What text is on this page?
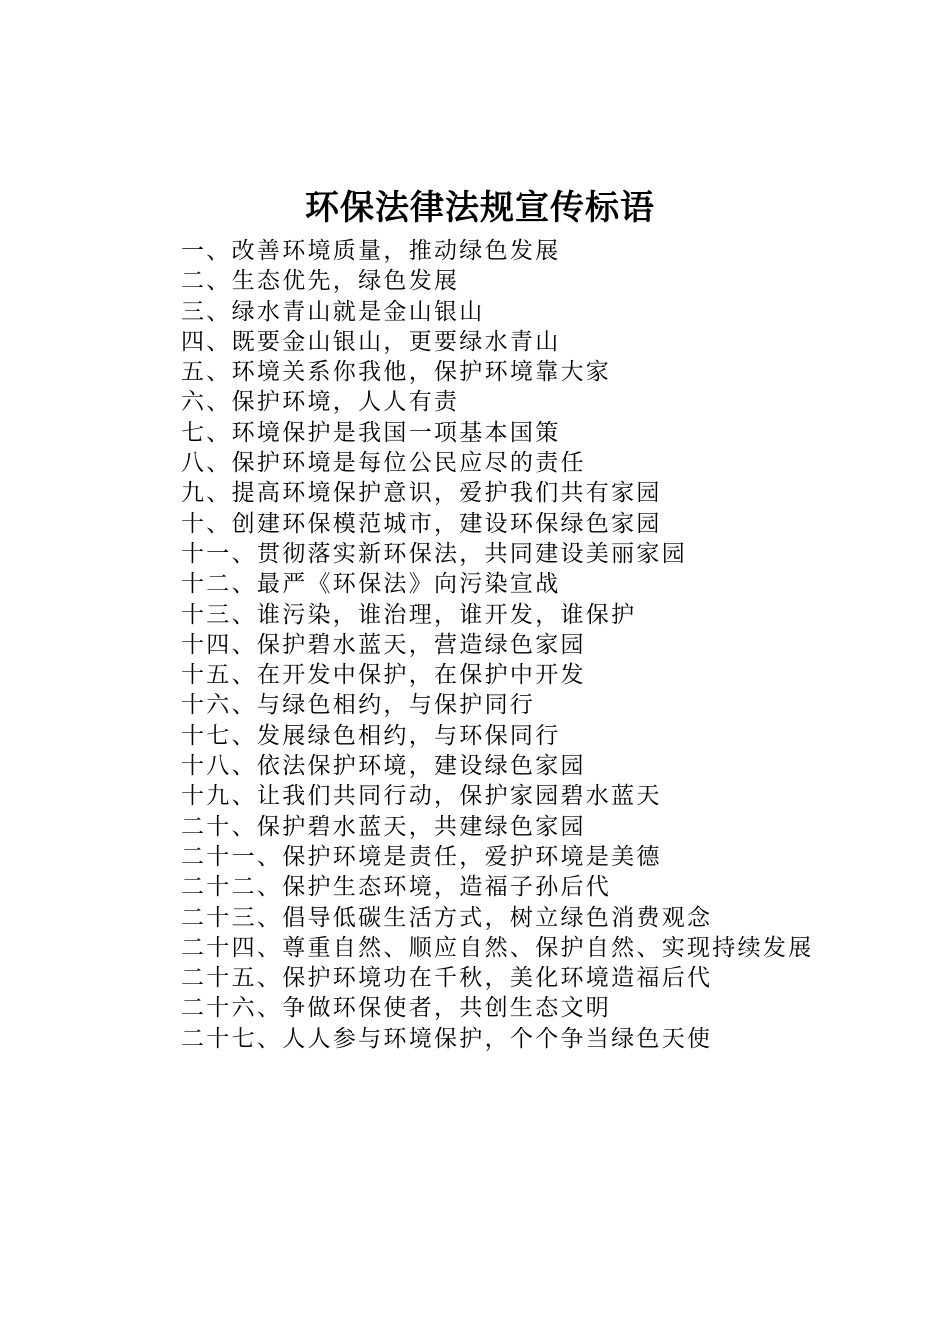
环保法律法规宣传标语
一、改善环境质量，推动绿色发展
二、生态优先，绿色发展
三、绿水青山就是金山银山
四、既要金山银山，更要绿水青山
五、环境关系你我他，保护环境靠大家
六、保护环境，人人有责
七、环境保护是我国一项基本国策
八、保护环境是每位公民应尽的责任
九、提高环境保护意识，爱护我们共有家园
十、创建环保模范城市，建设环保绿色家园
十一、贯彻落实新环保法，共同建设美丽家园
十二、最严《环保法》向污染宣战
十三、谁污染，谁治理，谁开发，谁保护
十四、保护碧水蓝天，营造绿色家园
十五、在开发中保护，在保护中开发
十六、与绿色相约，与保护同行
十七、发展绿色相约，与环保同行
十八、依法保护环境，建设绿色家园
十九、让我们共同行动，保护家园碧水蓝天
二十、保护碧水蓝天，共建绿色家园
二十一、保护环境是责任，爱护环境是美德
二十二、保护生态环境，造福子孙后代
二十三、倡导低碳生活方式，树立绿色消费观念
二十四、尊重自然、顺应自然、保护自然、实现持续发展
二十五、保护环境功在千秋，美化环境造福后代
二十六、争做环保使者，共创生态文明
二十七、人人参与环境保护，个个争当绿色天使
